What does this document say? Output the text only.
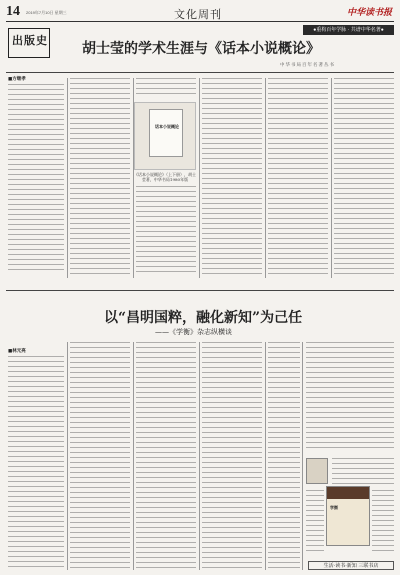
14 2019年7月10日 星期三	文化周刊	中华读书报
●重构百年学脉 · 共谱中华名著●
出版史
胡士莹的学术生涯与《话本小说概论》
中华书局百年名著丛书
■方继孝
话本小说概论
《话本小说概论》（上下册），胡士莹著，中华书局1980年版
以“昌明国粹，融化新知”为己任
——《学衡》杂志纵横谈
■林元亮
学衡
生活·读书·新知 三联书店
